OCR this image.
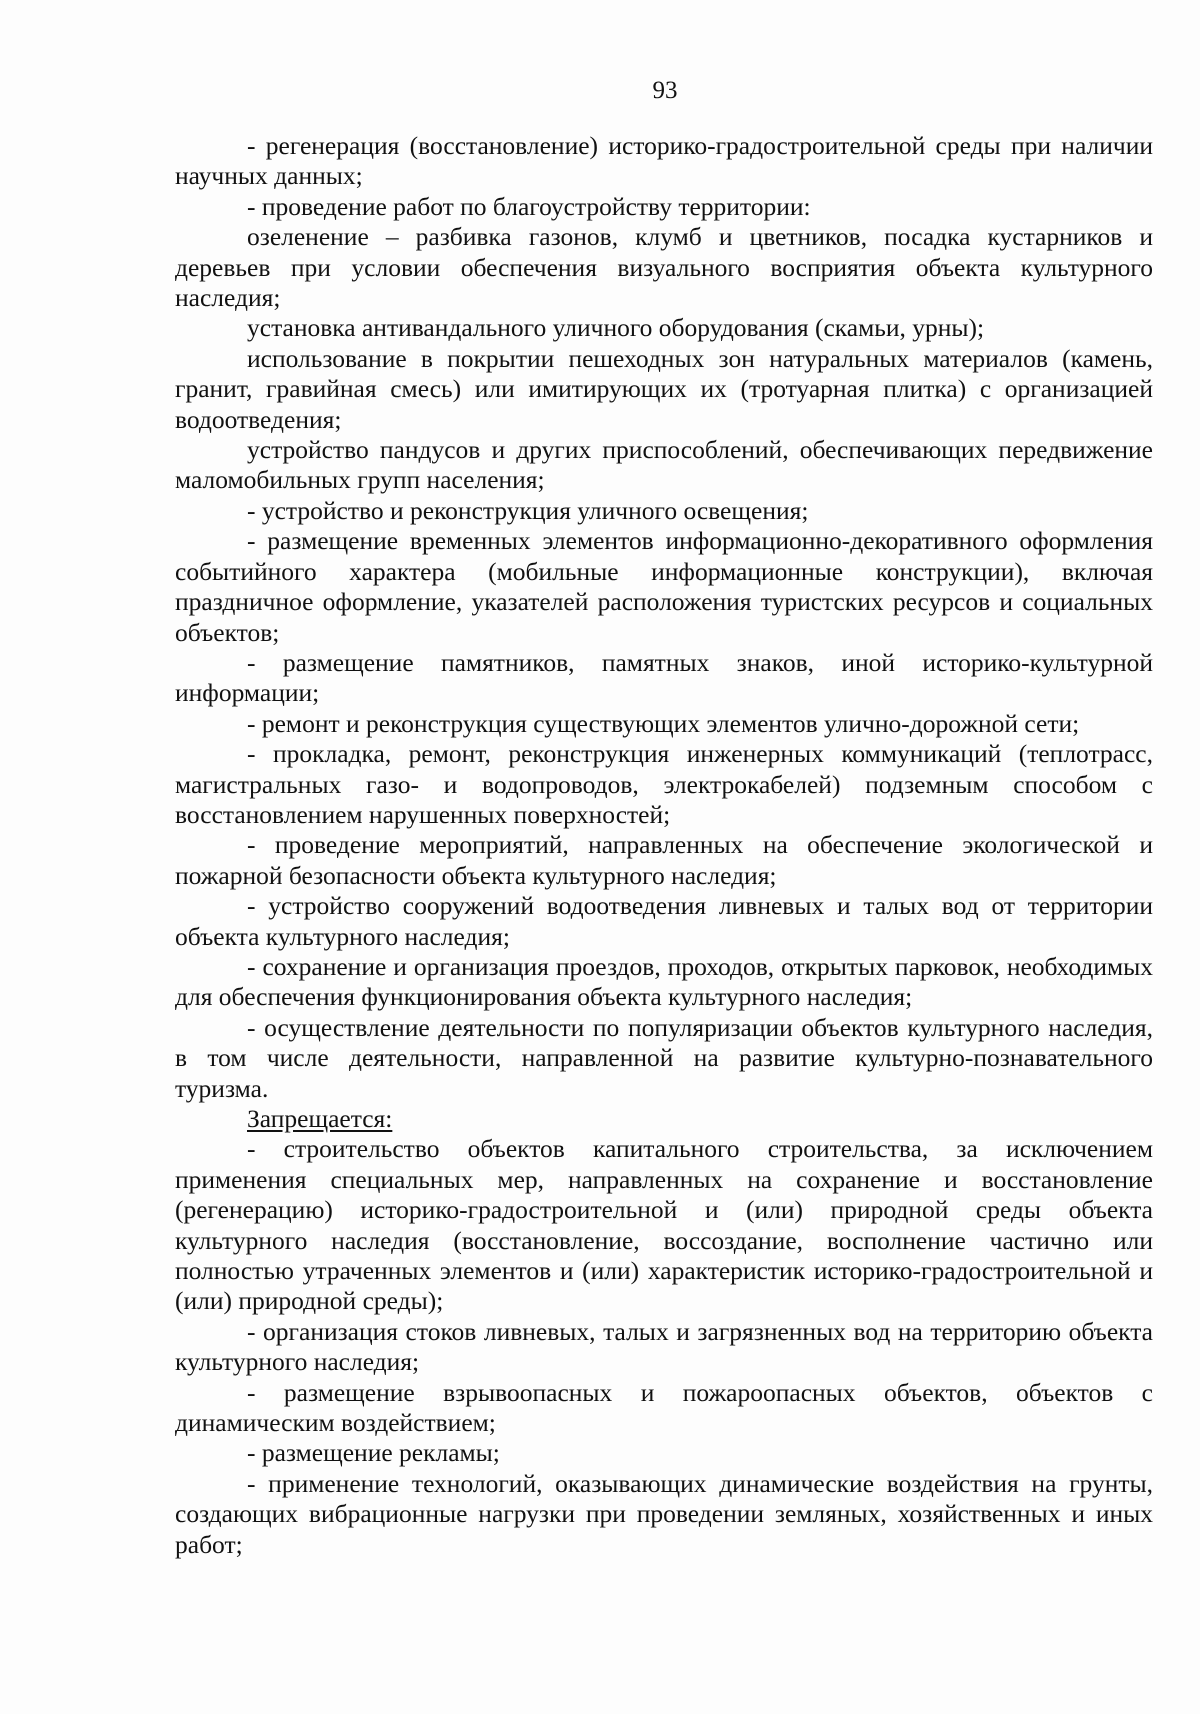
93

- регенерация (восстановление) историко-градостроительной среды при наличии научных данных;

- проведение работ по благоустройству территории:

озеленение – разбивка газонов, клумб и цветников, посадка кустарников и деревьев при условии обеспечения визуального восприятия объекта культурного наследия;

установка антивандального уличного оборудования (скамьи, урны);

использование в покрытии пешеходных зон натуральных материалов (камень, гранит, гравийная смесь) или имитирующих их (тротуарная плитка) с организацией водоотведения;

устройство пандусов и других приспособлений, обеспечивающих передвижение маломобильных групп населения;

- устройство и реконструкция уличного освещения;

- размещение временных элементов информационно-декоративного оформления событийного характера (мобильные информационные конструкции), включая праздничное оформление, указателей расположения туристских ресурсов и социальных объектов;

- размещение памятников, памятных знаков, иной историко-культурной информации;

- ремонт и реконструкция существующих элементов улично-дорожной сети;

- прокладка, ремонт, реконструкция инженерных коммуникаций (теплотрасс, магистральных газо- и водопроводов, электрокабелей) подземным способом с восстановлением нарушенных поверхностей;

- проведение мероприятий, направленных на обеспечение экологической и пожарной безопасности объекта культурного наследия;

- устройство сооружений водоотведения ливневых и талых вод от территории объекта культурного наследия;

- сохранение и организация проездов, проходов, открытых парковок, необходимых для обеспечения функционирования объекта культурного наследия;

- осуществление деятельности по популяризации объектов культурного наследия, в том числе деятельности, направленной на развитие культурно-познавательного туризма.

Запрещается:

- строительство объектов капитального строительства, за исключением применения специальных мер, направленных на сохранение и восстановление (регенерацию) историко-градостроительной и (или) природной среды объекта культурного наследия (восстановление, воссоздание, восполнение частично или полностью утраченных элементов и (или) характеристик историко-градостроительной и (или) природной среды);

- организация стоков ливневых, талых и загрязненных вод на территорию объекта культурного наследия;

- размещение взрывоопасных и пожароопасных объектов, объектов с динамическим воздействием;

- размещение рекламы;

- применение технологий, оказывающих динамические воздействия на грунты, создающих вибрационные нагрузки при проведении земляных, хозяйственных и иных работ;
